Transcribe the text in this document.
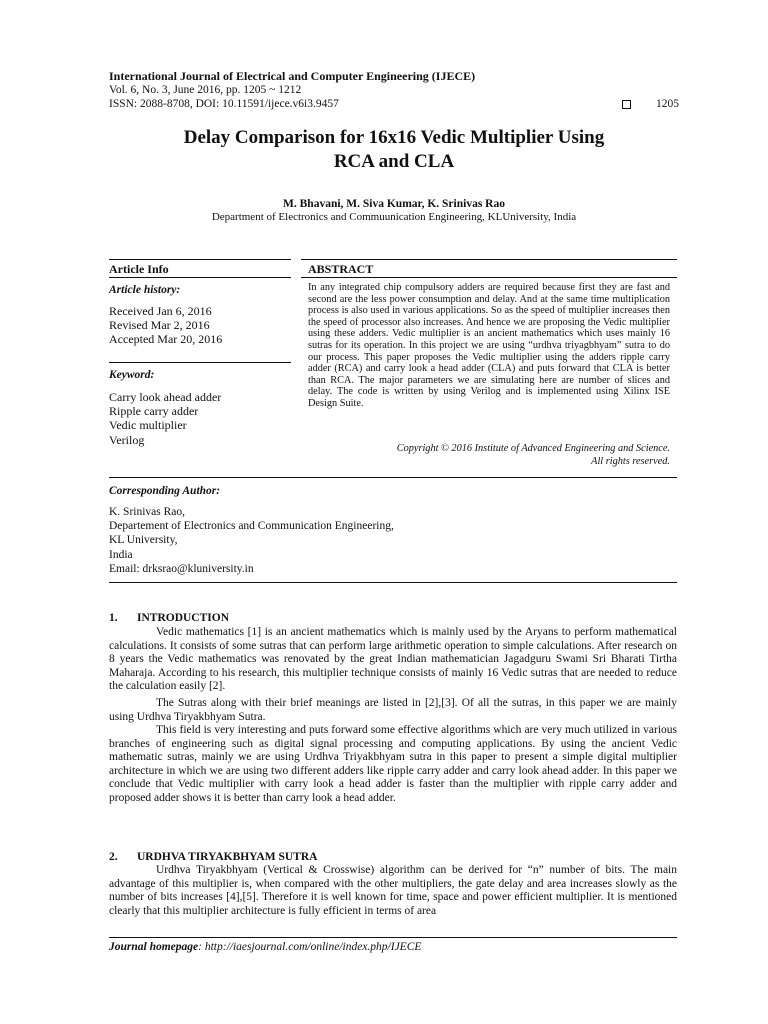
International Journal of Electrical and Computer Engineering (IJECE)
Vol. 6, No. 3, June 2016, pp. 1205 ~ 1212
ISSN: 2088-8708, DOI: 10.11591/ijece.v6i3.9457	1205
Delay Comparison for 16x16 Vedic Multiplier Using
RCA and CLA
M. Bhavani, M. Siva Kumar, K. Srinivas Rao
Department of Electronics and Commuunication Engineering, KLUniversity, India
Article Info	ABSTRACT
Article history:
Received Jan 6, 2016
Revised Mar 2, 2016
Accepted Mar 20, 2016
Keyword:
Carry look ahead adder
Ripple carry adder
Vedic multiplier
Verilog
In any integrated chip compulsory adders are required because first they are fast and second are the less power consumption and delay. And at the same time multiplication process is also used in various applications. So as the speed of multiplier increases then the speed of processor also increases. And hence we are proposing the Vedic multiplier using these adders. Vedic multiplier is an ancient mathematics which uses mainly 16 sutras for its operation. In this project we are using “urdhva triyagbhyam” sutra to do our process. This paper proposes the Vedic multiplier using the adders ripple carry adder (RCA) and carry look a head adder (CLA) and puts forward that CLA is better than RCA. The major parameters we are simulating here are number of slices and delay. The code is written by using Verilog and is implemented using Xilinx ISE Design Suite.
Copyright © 2016 Institute of Advanced Engineering and Science.
All rights reserved.
Corresponding Author:
K. Srinivas Rao,
Departement of Electronics and Communication Engineering,
KL University,
India
Email: drksrao@kluniversity.in
1. INTRODUCTION
Vedic mathematics [1] is an ancient mathematics which is mainly used by the Aryans to perform mathematical calculations. It consists of some sutras that can perform large arithmetic operation to simple calculations. After research on 8 years the Vedic mathematics was renovated by the great Indian mathematician Jagadguru Swami Sri Bharati Tirtha Maharaja. According to his research, this multiplier technique consists of mainly 16 Vedic sutras that are needed to reduce the calculation easily [2].
The Sutras along with their brief meanings are listed in [2],[3]. Of all the sutras, in this paper we are mainly using Urdhva Tiryakbhyam Sutra.
This field is very interesting and puts forward some effective algorithms which are very much utilized in various branches of engineering such as digital signal processing and computing applications. By using the ancient Vedic mathematic sutras, mainly we are using Urdhva Triyakbhyam sutra in this paper to present a simple digital multiplier architecture in which we are using two different adders like ripple carry adder and carry look ahead adder. In this paper we conclude that Vedic multiplier with carry look a head adder is faster than the multiplier with ripple carry adder and proposed adder shows it is better than carry look a head adder.
2. URDHVA TIRYAKBHYAM SUTRA
Urdhva Tiryakbhyam (Vertical & Crosswise) algorithm can be derived for “n” number of bits. The main advantage of this multiplier is, when compared with the other multipliers, the gate delay and area increases slowly as the number of bits increases [4],[5]. Therefore it is well known for time, space and power efficient multiplier. It is mentioned clearly that this multiplier architecture is fully efficient in terms of area
Journal homepage: http://iaesjournal.com/online/index.php/IJECE
